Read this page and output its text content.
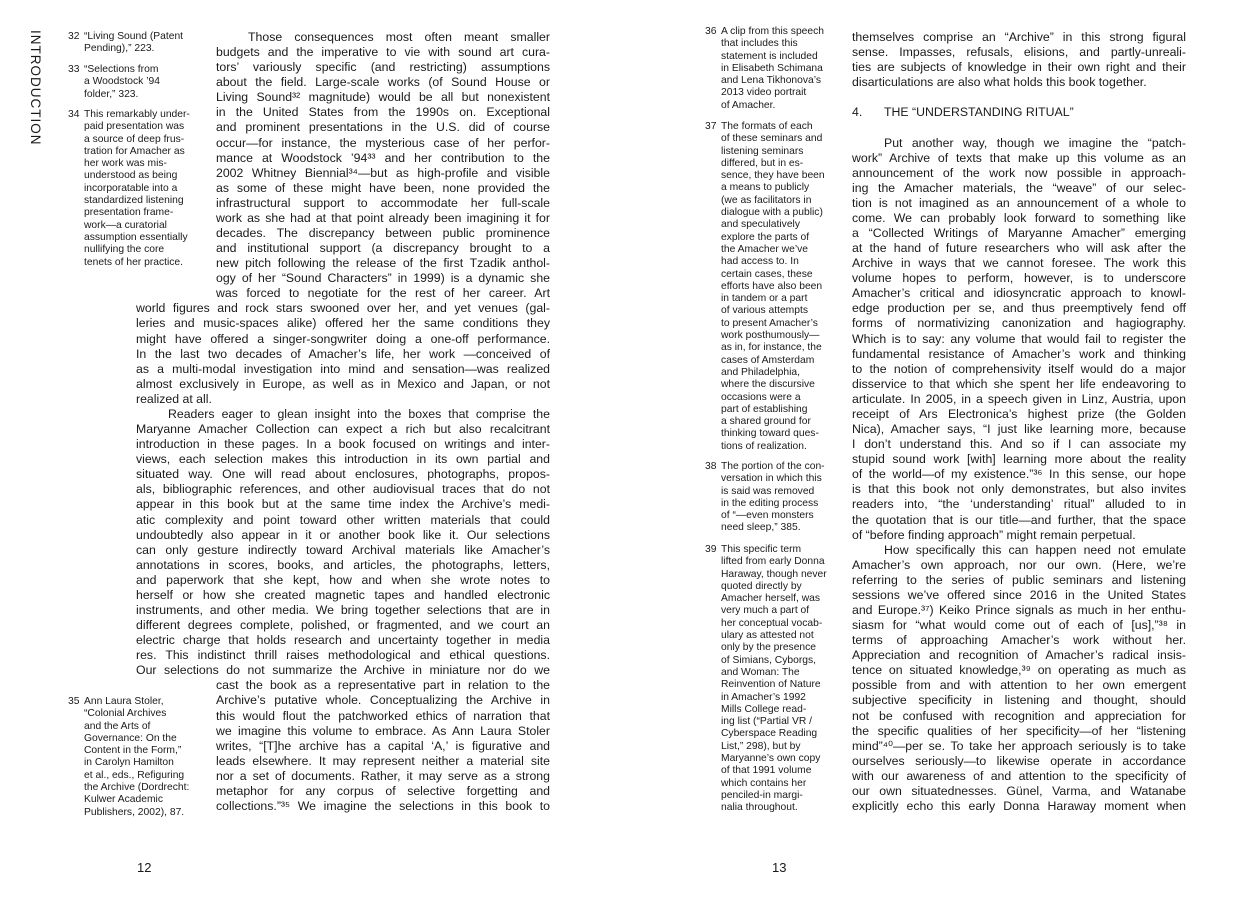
INTRODUCTION	Those consequences most often meant smaller
budgets and the imperative to vie with sound art cura-
tors’ variously specific (and restricting) assumptions
about the field. Large-scale works (of Sound House or
Living Sound³² magnitude) would be all but nonexistent
in the United States from the 1990s on. Exceptional
and prominent presentations in the U.S. did of course
occur—for instance, the mysterious case of her perfor-
mance at Woodstock ’94³³ and her contribution to the
2002 Whitney Biennial³⁴—but as high-profile and visible
as some of these might have been, none provided the
infrastructural support to accommodate her full-scale
work as she had at that point already been imagining it for
decades. The discrepancy between public prominence
and institutional support (a discrepancy brought to a
new pitch following the release of the first Tzadik anthol-
ogy of her “Sound Characters” in 1999) is a dynamic she
was forced to negotiate for the rest of her career. Art
world figures and rock stars swooned over her, and yet venues (gal-
leries and music-spaces alike) offered her the same conditions they
might have offered a singer-songwriter doing a one-off performance.
In the last two decades of Amacher’s life, her work —conceived of
as a multi-modal investigation into mind and sensation—was realized
almost exclusively in Europe, as well as in Mexico and Japan, or not
realized at all.
Readers eager to glean insight into the boxes that comprise the
Maryanne Amacher Collection can expect a rich but also recalcitrant
introduction in these pages. In a book focused on writings and inter-
views, each selection makes this introduction in its own partial and
situated way. One will read about enclosures, photographs, propos-
als, bibliographic references, and other audiovisual traces that do not
appear in this book but at the same time index the Archive’s medi-
atic complexity and point toward other written materials that could
undoubtedly also appear in it or another book like it. Our selections
can only gesture indirectly toward Archival materials like Amacher’s
annotations in scores, books, and articles, the photographs, letters,
and paperwork that she kept, how and when she wrote notes to
herself or how she created magnetic tapes and handled electronic
instruments, and other media. We bring together selections that are in
different degrees complete, polished, or fragmented, and we court an
electric charge that holds research and uncertainty together in media
res. This indistinct thrill raises methodological and ethical questions.
Our selections do not summarize the Archive in miniature nor do we
cast the book as a representative part in relation to the
Archive’s putative whole. Conceptualizing the Archive in
this would flout the patchworked ethics of narration that
we imagine this volume to embrace. As Ann Laura Stoler
writes, “[T]he archive has a capital ‘A,’ is figurative and
leads elsewhere. It may represent neither a material site
nor a set of documents. Rather, it may serve as a strong
metaphor for any corpus of selective forgetting and
collections.”³⁵ We imagine the selections in this book to
32 “Living Sound (Patent
Pending),” 223.
33 “Selections from
a Woodstock ’94
folder,” 323.
34 This remarkably under-
paid presentation was
a source of deep frus-
tration for Amacher as
her work was mis-
understood as being
incorporatable into a
standardized listening
presentation frame-
work—a curatorial
assumption essentially
nullifying the core
tenets of her practice.
35 Ann Laura Stoler,
“Colonial Archives
and the Arts of
Governance: On the
Content in the Form,”
in Carolyn Hamilton
et al., eds., Refiguring
the Archive (Dordrecht:
Kulwer Academic
Publishers, 2002), 87.
12
themselves comprise an “Archive” in this strong figural
sense. Impasses, refusals, elisions, and partly-unreali-
ties are subjects of knowledge in their own right and their
disarticulations are also what holds this book together.
4. THE “UNDERSTANDING RITUAL”
Put another way, though we imagine the “patch-
work” Archive of texts that make up this volume as an
announcement of the work now possible in approach-
ing the Amacher materials, the “weave” of our selec-
tion is not imagined as an announcement of a whole to
come. We can probably look forward to something like
a “Collected Writings of Maryanne Amacher” emerging
at the hand of future researchers who will ask after the
Archive in ways that we cannot foresee. The work this
volume hopes to perform, however, is to underscore
Amacher’s critical and idiosyncratic approach to knowl-
edge production per se, and thus preemptively fend off
forms of normativizing canonization and hagiography.
Which is to say: any volume that would fail to register the
fundamental resistance of Amacher’s work and thinking
to the notion of comprehensivity itself would do a major
disservice to that which she spent her life endeavoring to
articulate. In 2005, in a speech given in Linz, Austria, upon
receipt of Ars Electronica’s highest prize (the Golden
Nica), Amacher says, “I just like learning more, because
I don’t understand this. And so if I can associate my
stupid sound work [with] learning more about the reality
of the world—of my existence.”³⁶ In this sense, our hope
is that this book not only demonstrates, but also invites
readers into, “the ‘understanding’ ritual” alluded to in
the quotation that is our title—and further, that the space
of “before finding approach” might remain perpetual.
How specifically this can happen need not emulate
Amacher’s own approach, nor our own. (Here, we’re
referring to the series of public seminars and listening
sessions we’ve offered since 2016 in the United States
and Europe.³⁷) Keiko Prince signals as much in her enthu-
siasm for “what would come out of each of [us],”³⁸ in
terms of approaching Amacher’s work without her.
Appreciation and recognition of Amacher’s radical insis-
tence on situated knowledge,³⁹ on operating as much as
possible from and with attention to her own emergent
subjective specificity in listening and thought, should
not be confused with recognition and appreciation for
the specific qualities of her specificity—of her “listening
mind”⁴⁰—per se. To take her approach seriously is to take
ourselves seriously—to likewise operate in accordance
with our awareness of and attention to the specificity of
our own situatednesses. Günel, Varma, and Watanabe
explicitly echo this early Donna Haraway moment when
36 A clip from this speech
that includes this
statement is included
in Elisabeth Schimana
and Lena Tikhonova’s
2013 video portrait
of Amacher.
37 The formats of each
of these seminars and
listening seminars
differed, but in es-
sence, they have been
a means to publicly
(we as facilitators in
dialogue with a public)
and speculatively
explore the parts of
the Amacher we’ve
had access to. In
certain cases, these
efforts have also been
in tandem or a part
of various attempts
to present Amacher’s
work posthumously—
as in, for instance, the
cases of Amsterdam
and Philadelphia,
where the discursive
occasions were a
part of establishing
a shared ground for
thinking toward ques-
tions of realization.
38 The portion of the con-
versation in which this
is said was removed
in the editing process
of “—even monsters
need sleep,” 385.
39 This specific term
lifted from early Donna
Haraway, though never
quoted directly by
Amacher herself, was
very much a part of
her conceptual vocab-
ulary as attested not
only by the presence
of Simians, Cyborgs,
and Woman: The
Reinvention of Nature
in Amacher’s 1992
Mills College read-
ing list (“Partial VR /
Cyberspace Reading
List,” 298), but by
Maryanne’s own copy
of that 1991 volume
which contains her
penciled-in margi-
nalia throughout.
13
